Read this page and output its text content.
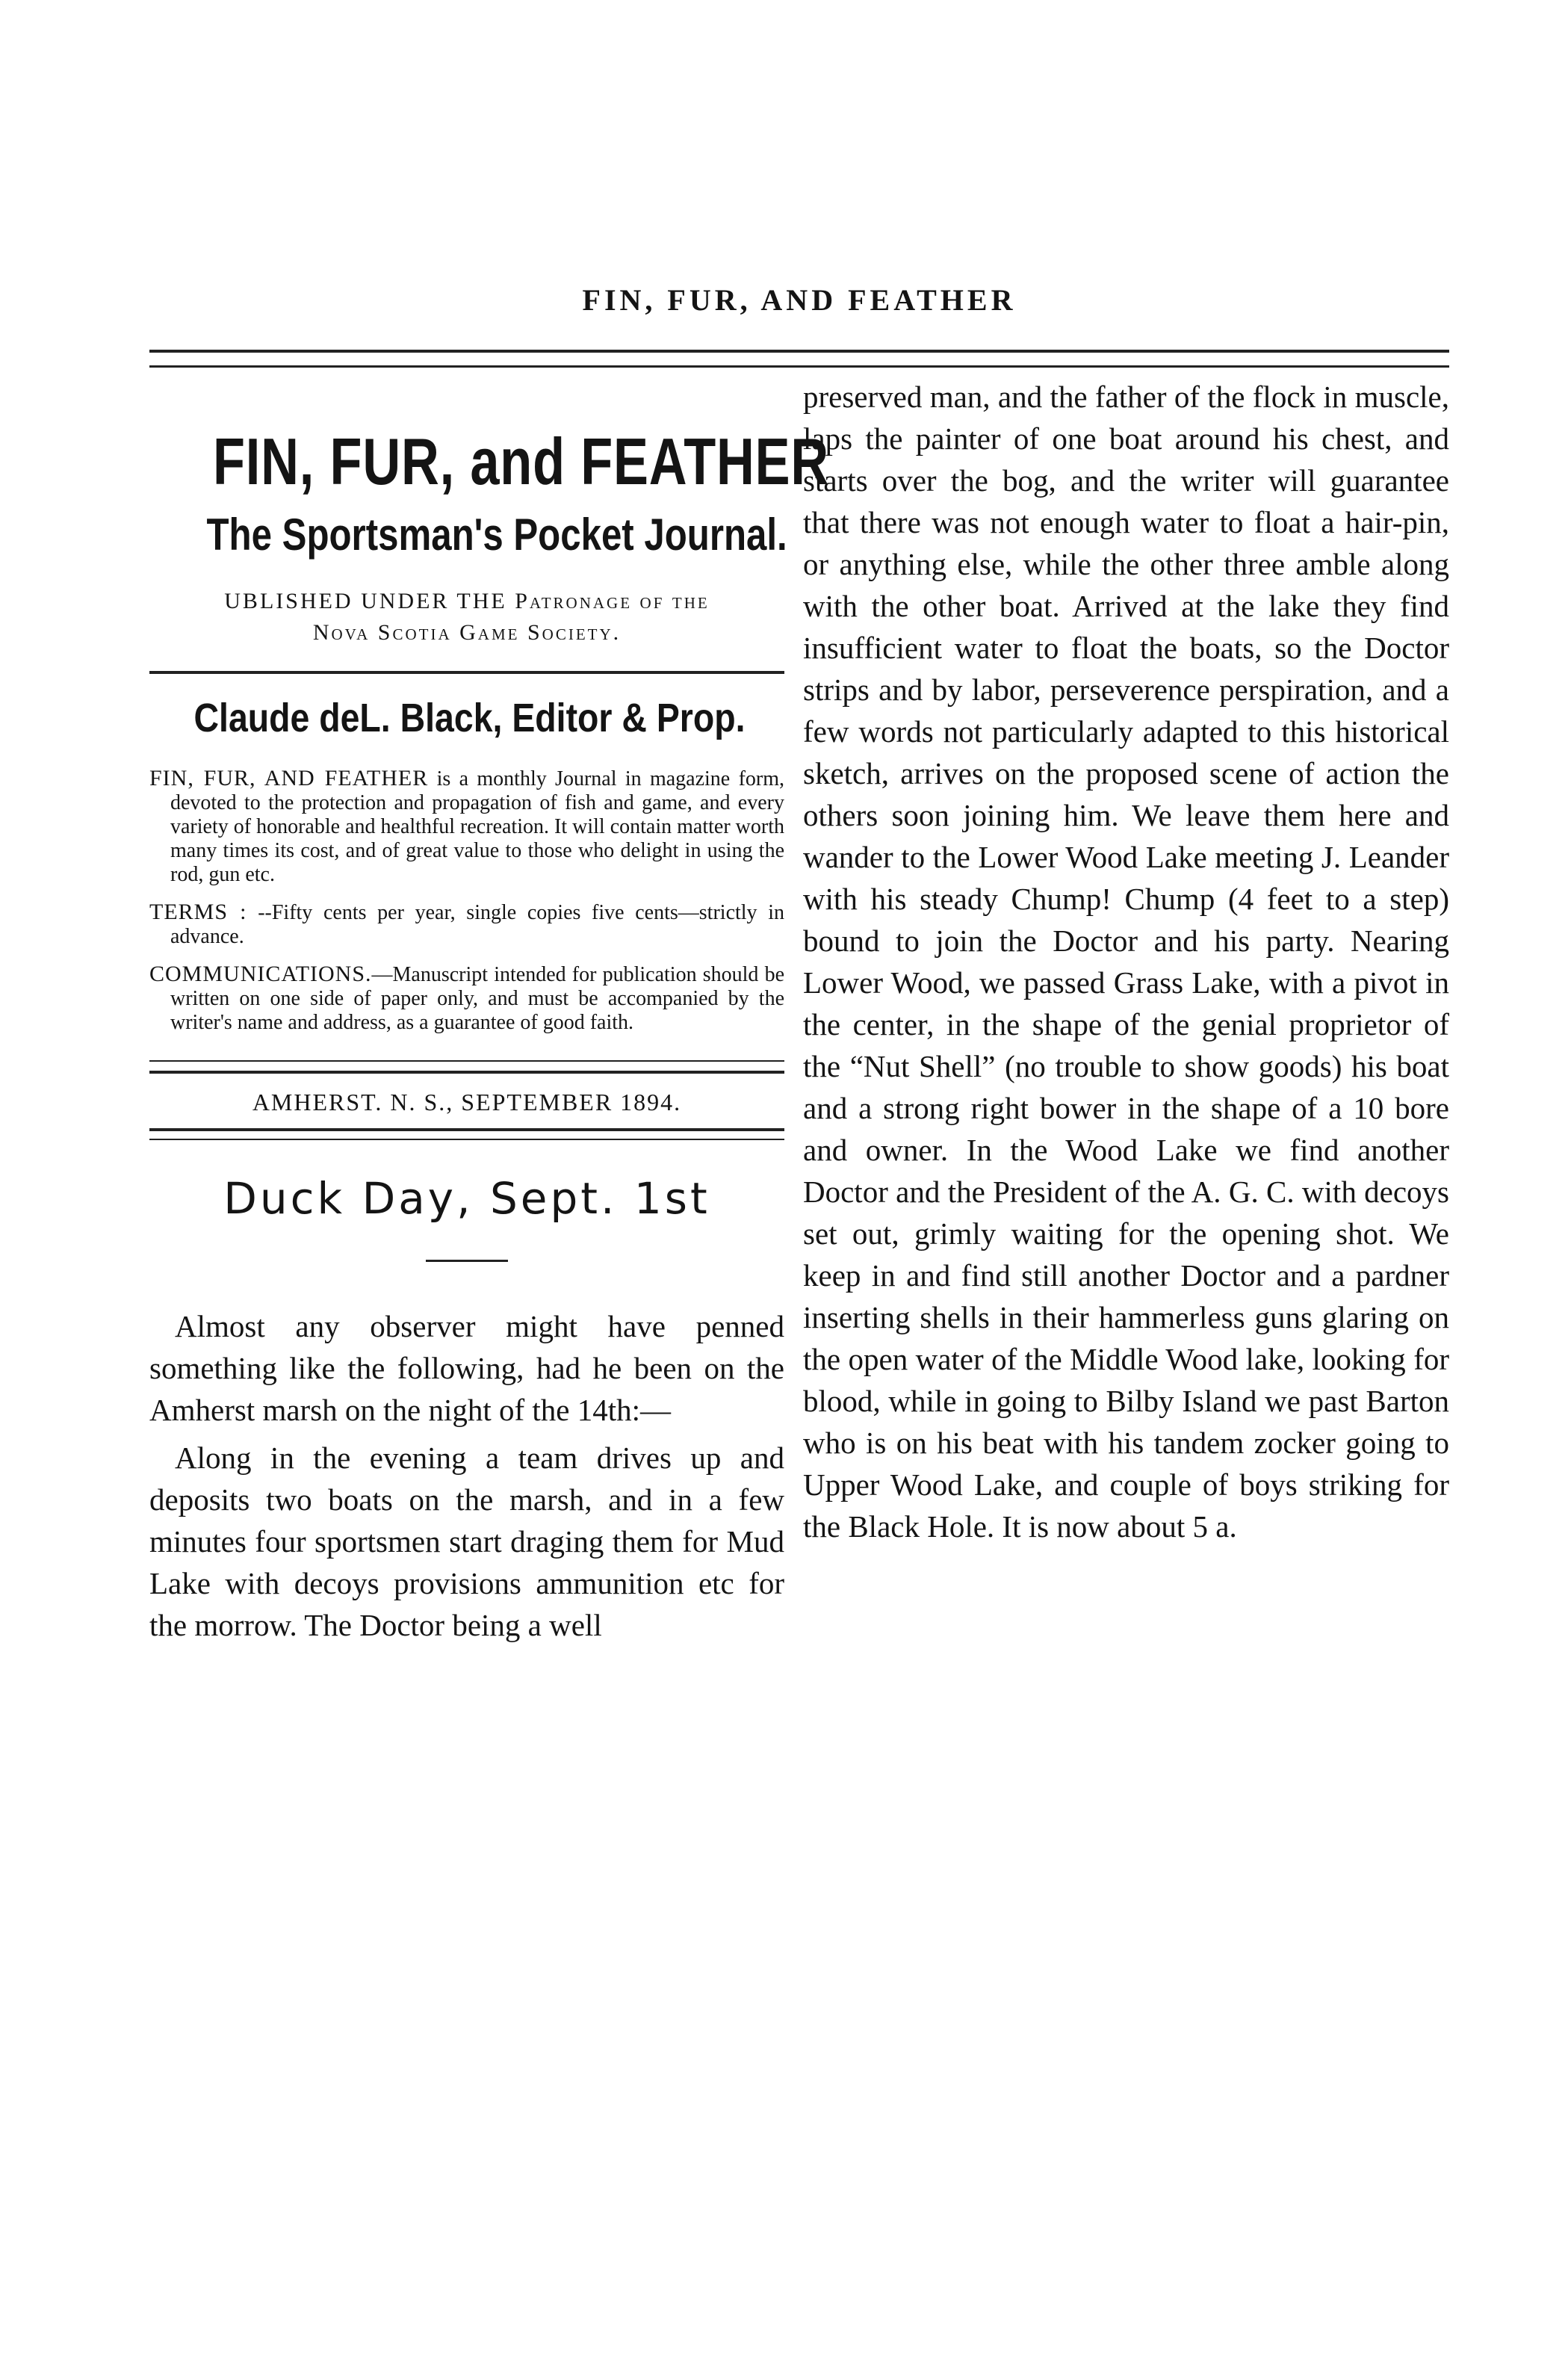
FIN, FUR, AND FEATHER
FIN, FUR, and FEATHER
The Sportsman's Pocket Journal.
UBLISHED UNDER THE Patronage of the
Nova Scotia Game Society.
Claude deL. Black, Editor & Prop.

FIN, FUR, AND FEATHER is a monthly Journal in magazine form, devoted to the protection and propagation of fish and game, and every variety of honorable and healthful recreation. It will contain matter worth many times its cost, and of great value to those who delight in using the rod, gun etc.

TERMS : --Fifty cents per year, single copies five cents—strictly in advance.

COMMUNICATIONS.—Manuscript intended for publication should be written on one side of paper only, and must be accompanied by the writer's name and address, as a guarantee of good faith.

AMHERST. N. S., SEPTEMBER 1894.
Duck Day, Sept. 1st

Almost any observer might have penned something like the following, had he been on the Amherst marsh on the night of the 14th:—

Along in the evening a team drives up and deposits two boats on the marsh, and in a few minutes four sportsmen start draging them for Mud Lake with decoys provisions ammunition etc for the morrow. The Doctor being a well

preserved man, and the father of the flock in muscle, laps the painter of one boat around his chest, and starts over the bog, and the writer will guarantee that there was not enough water to float a hair-pin, or anything else, while the other three amble along with the other boat. Arrived at the lake they find insufficient water to float the boats, so the Doctor strips and by labor, perseverence perspiration, and a few words not particularly adapted to this historical sketch, arrives on the proposed scene of action the others soon joining him. We leave them here and wander to the Lower Wood Lake meeting J. Leander with his steady Chump! Chump (4 feet to a step) bound to join the Doctor and his party. Nearing Lower Wood, we passed Grass Lake, with a pivot in the center, in the shape of the genial proprietor of the “Nut Shell” (no trouble to show goods) his boat and a strong right bower in the shape of a 10 bore and owner. In the Wood Lake we find another Doctor and the President of the A. G. C. with decoys set out, grimly waiting for the opening shot. We keep in and find still another Doctor and a pardner inserting shells in their hammerless guns glaring on the open water of the Middle Wood lake, looking for blood, while in going to Bilby Island we past Barton who is on his beat with his tandem zocker going to Upper Wood Lake, and couple of boys striking for the Black Hole. It is now about 5 a.
